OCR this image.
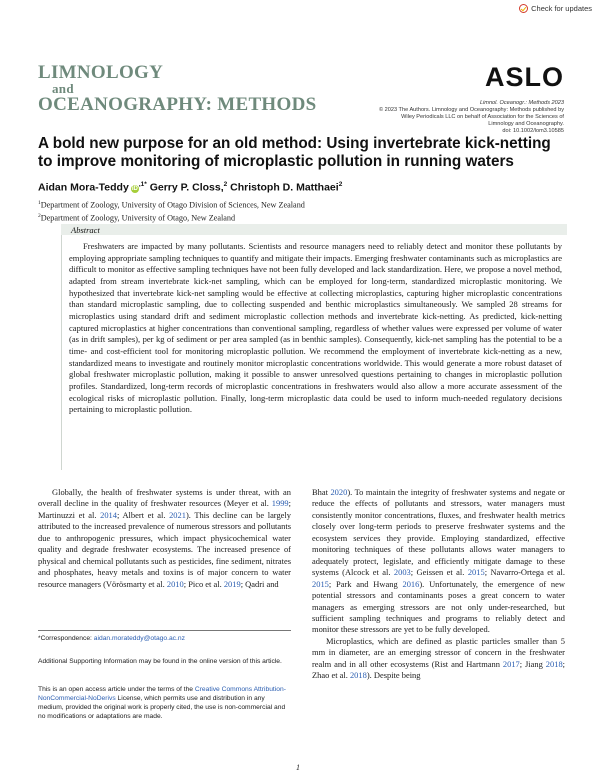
Check for updates
LIMNOLOGY
and
OCEANOGRAPHY: METHODS
ASLO
Limnol. Oceanogr.: Methods 2023
© 2023 The Authors. Limnology and Oceanography: Methods published by
Wiley Periodicals LLC on behalf of Association for the Sciences of
Limnology and Oceanography.
doi: 10.1002/lom3.10585
A bold new purpose for an old method: Using invertebrate kick-netting to improve monitoring of microplastic pollution in running waters
Aidan Mora-Teddy $iD^{,1*}$ Gerry P. Closs,$^2$ Christoph D. Matthaei$^2$
$^1$Department of Zoology, University of Otago Division of Sciences, New Zealand
$^2$Department of Zoology, University of Otago, New Zealand
Abstract
Freshwaters are impacted by many pollutants. Scientists and resource managers need to reliably detect and monitor these pollutants by employing appropriate sampling techniques to quantify and mitigate their impacts. Emerging freshwater contaminants such as microplastics are difficult to monitor as effective sampling techniques have not been fully developed and lack standardization. Here, we propose a novel method, adapted from stream invertebrate kick-net sampling, which can be employed for long-term, standardized microplastic monitoring. We hypothesized that invertebrate kick-net sampling would be effective at collecting microplastics, capturing higher microplastic concentrations than standard microplastic sampling, due to collecting suspended and benthic microplastics simultaneously. We sampled 28 streams for microplastics using standard drift and sediment microplastic collection methods and invertebrate kick-netting. As predicted, kick-netting captured microplastics at higher concentrations than conventional sampling, regardless of whether values were expressed per volume of water (as in drift samples), per kg of sediment or per area sampled (as in benthic samples). Consequently, kick-net sampling has the potential to be a time- and cost-efficient tool for monitoring microplastic pollution. We recommend the employment of invertebrate kick-netting as a new, standardized means to investigate and routinely monitor microplastic concentrations worldwide. This would generate a more robust dataset of global freshwater microplastic pollution, making it possible to answer unresolved questions pertaining to changes in microplastic pollution profiles. Standardized, long-term records of microplastic concentrations in freshwaters would also allow a more accurate assessment of the ecological risks of microplastic pollution. Finally, long-term microplastic data could be used to inform much-needed regulatory decisions pertaining to microplastic pollution.
Globally, the health of freshwater systems is under threat, with an overall decline in the quality of freshwater resources (Meyer et al. 1999; Martinuzzi et al. 2014; Albert et al. 2021). This decline can be largely attributed to the increased prevalence of numerous stressors and pollutants due to anthropogenic pressures, which impact physicochemical water quality and degrade freshwater ecosystems. The increased presence of physical and chemical pollutants such as pesticides, fine sediment, nitrates and phosphates, heavy metals and toxins is of major concern to water resource managers (Vörösmarty et al. 2010; Pico et al. 2019; Qadri and
Bhat 2020). To maintain the integrity of freshwater systems and negate or reduce the effects of pollutants and stressors, water managers must consistently monitor concentrations, fluxes, and freshwater health metrics closely over long-term periods to preserve freshwater systems and the ecosystem services they provide. Employing standardized, effective monitoring techniques of these pollutants allows water managers to adequately protect, legislate, and efficiently mitigate damage to these systems (Alcock et al. 2003; Geissen et al. 2015; Navarro-Ortega et al. 2015; Park and Hwang 2016). Unfortunately, the emergence of new potential stressors and contaminants poses a great concern to water managers as emerging stressors are not only under-researched, but sufficient sampling techniques and programs to reliably detect and monitor these stressors are yet to be fully developed.
Microplastics, which are defined as plastic particles smaller than 5 mm in diameter, are an emerging stressor of concern in the freshwater realm and in all other ecosystems (Rist and Hartmann 2017; Jiang 2018; Zhao et al. 2018). Despite being
*Correspondence: aidan.morateddy@otago.ac.nz
Additional Supporting Information may be found in the online version of this article.
This is an open access article under the terms of the Creative Commons Attribution-NonCommercial-NoDerivs License, which permits use and distribution in any medium, provided the original work is properly cited, the use is non-commercial and no modifications or adaptations are made.
1
